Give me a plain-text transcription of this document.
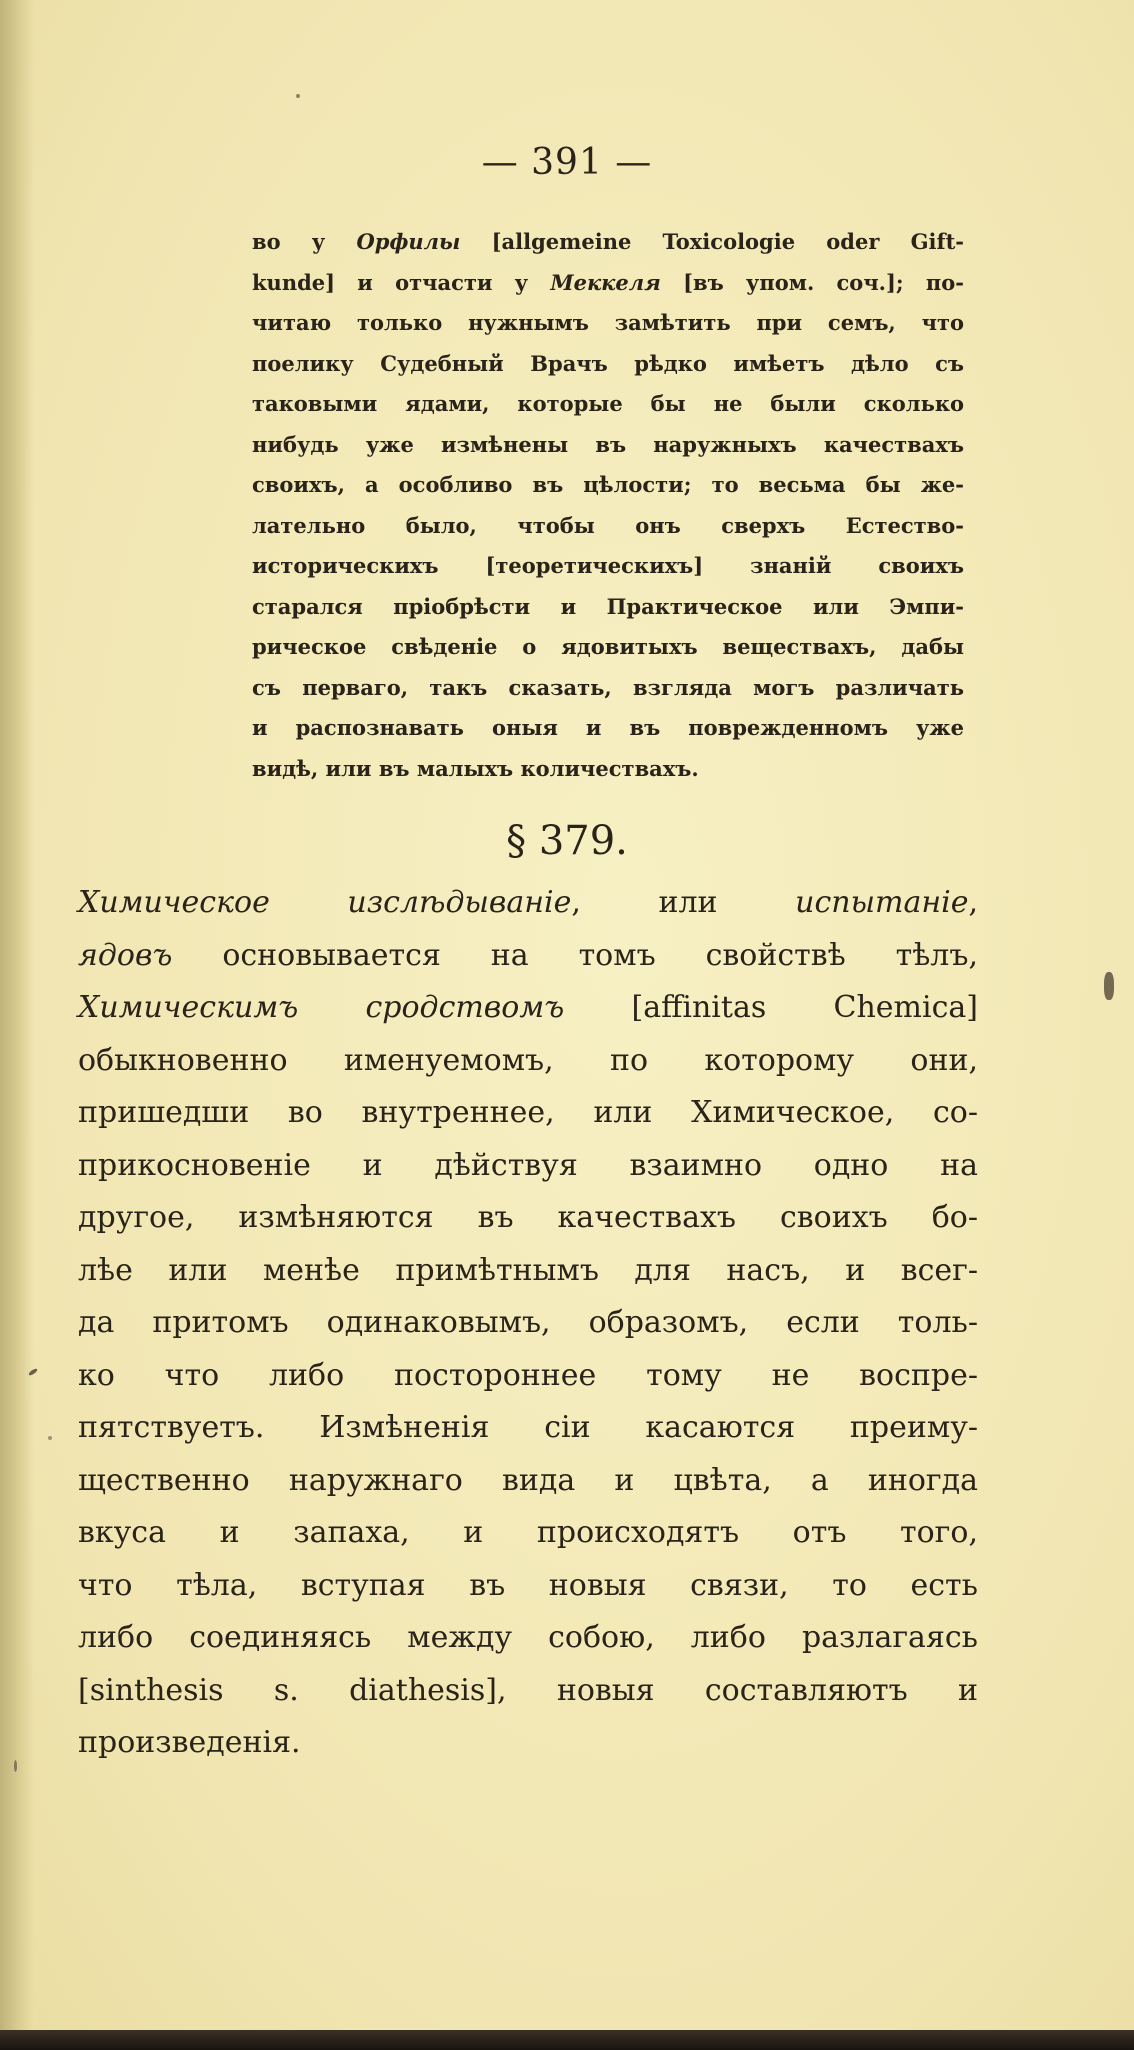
— 391 —

во у Орфилы [allgemeine Toxicologie oder Gift-
kunde] и отчасти у Меккеля [въ упом. соч.]; по-
читаю только нужнымъ замѣтить при семъ, что
поелику Судебный Врачъ рѣдко имѣетъ дѣло съ
таковыми ядами, которые бы не были сколько
нибудь уже измѣнены въ наружныхъ качествахъ
своихъ, а особливо въ цѣлости; то весьма бы же-
лательно было, чтобы онъ сверхъ Естество-
историческихъ [теоретическихъ] знаній своихъ
старался пріобрѣсти и Практическое или Эмпи-
рическое свѣденіе о ядовитыхъ веществахъ, дабы
съ перваго, такъ сказать, взгляда могъ различать
и распознавать оныя и въ поврежденномъ уже
видѣ, или въ малыхъ количествахъ.

§ 379.

Химическое изслѣдываніе, или испытаніе,
ядовъ основывается на томъ свойствѣ тѣлъ,
Химическимъ сродствомъ [affinitas Chemica]
обыкновенно именуемомъ, по которому они,
пришедши во внутреннее, или Химическое, со-
прикосновеніе и дѣйствуя взаимно одно на
другое, измѣняются въ качествахъ своихъ бо-
лѣе или менѣе примѣтнымъ для насъ, и всег-
да притомъ одинаковымъ, образомъ, если толь-
ко что либо постороннее тому не воспре-
пятствуетъ. Измѣненія сіи касаются преиму-
щественно наружнаго вида и цвѣта, а иногда
вкуса и запаха, и происходятъ отъ того,
что тѣла, вступая въ новыя связи, то есть
либо соединяясь между собою, либо разлагаясь
[sinthesis s. diathesis], новыя составляютъ и
произведенія.
